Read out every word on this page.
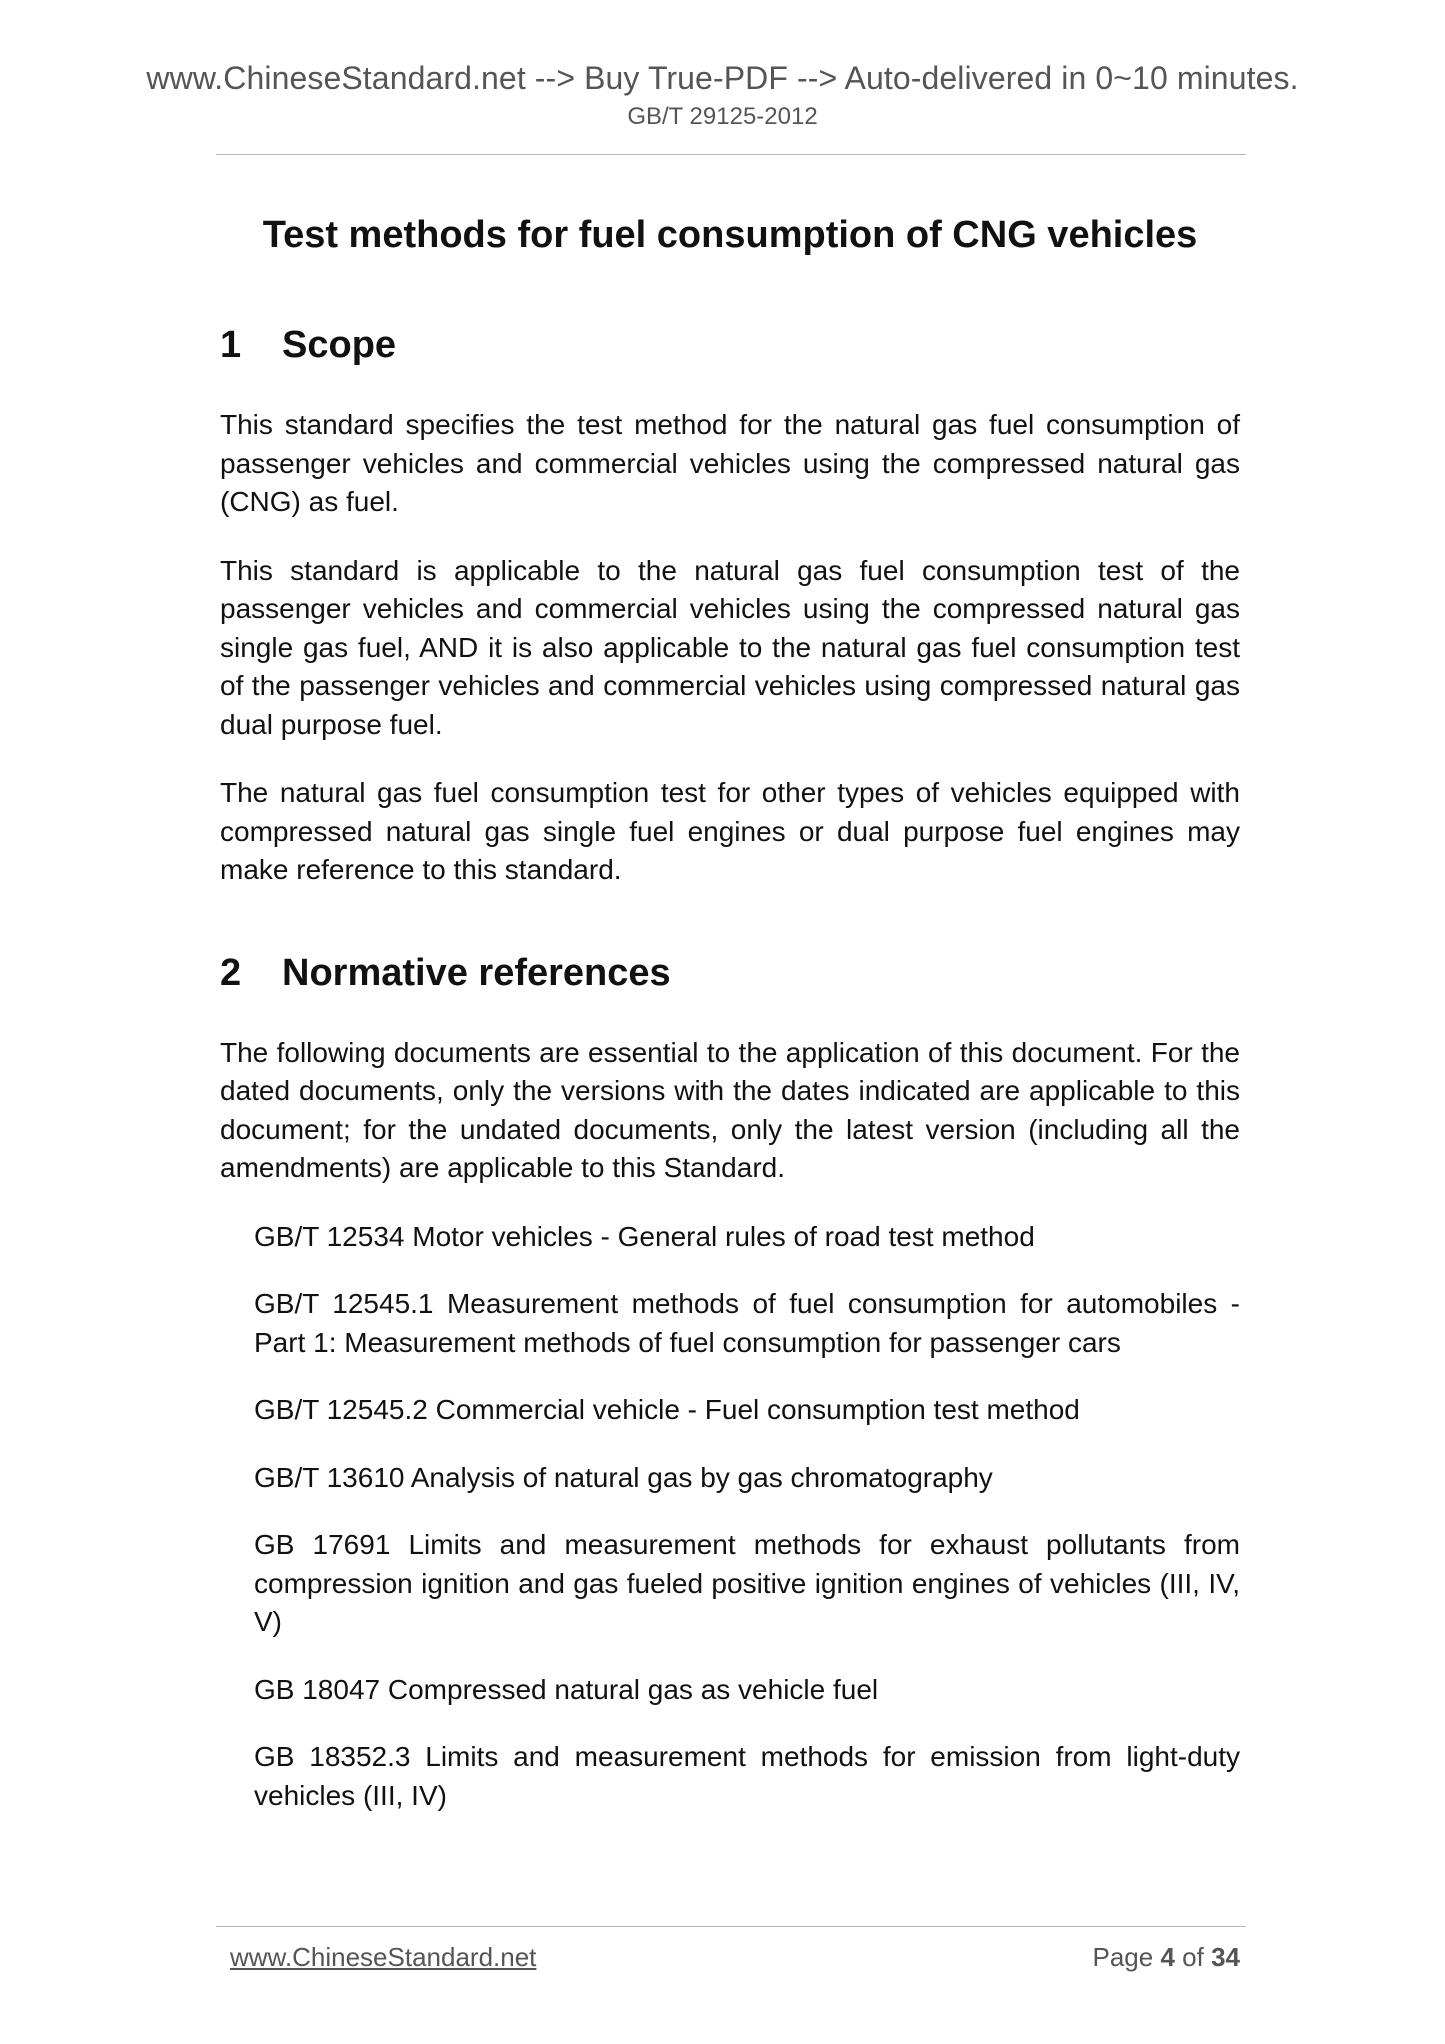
www.ChineseStandard.net --> Buy True-PDF --> Auto-delivered in 0~10 minutes.
GB/T 29125-2012
Test methods for fuel consumption of CNG vehicles
1	Scope

This standard specifies the test method for the natural gas fuel consumption of passenger vehicles and commercial vehicles using the compressed natural gas (CNG) as fuel.

This standard is applicable to the natural gas fuel consumption test of the passenger vehicles and commercial vehicles using the compressed natural gas single gas fuel, AND it is also applicable to the natural gas fuel consumption test of the passenger vehicles and commercial vehicles using compressed natural gas dual purpose fuel.

The natural gas fuel consumption test for other types of vehicles equipped with compressed natural gas single fuel engines or dual purpose fuel engines may make reference to this standard.

2	Normative references

The following documents are essential to the application of this document. For the dated documents, only the versions with the dates indicated are applicable to this document; for the undated documents, only the latest version (including all the amendments) are applicable to this Standard.

GB/T 12534 Motor vehicles - General rules of road test method

GB/T 12545.1 Measurement methods of fuel consumption for automobiles - Part 1: Measurement methods of fuel consumption for passenger cars

GB/T 12545.2 Commercial vehicle - Fuel consumption test method

GB/T 13610 Analysis of natural gas by gas chromatography

GB 17691 Limits and measurement methods for exhaust pollutants from compression ignition and gas fueled positive ignition engines of vehicles (III, IV, V)

GB 18047 Compressed natural gas as vehicle fuel

GB 18352.3 Limits and measurement methods for emission from light-duty vehicles (III, IV)

www.ChineseStandard.net	Page 4 of 34
